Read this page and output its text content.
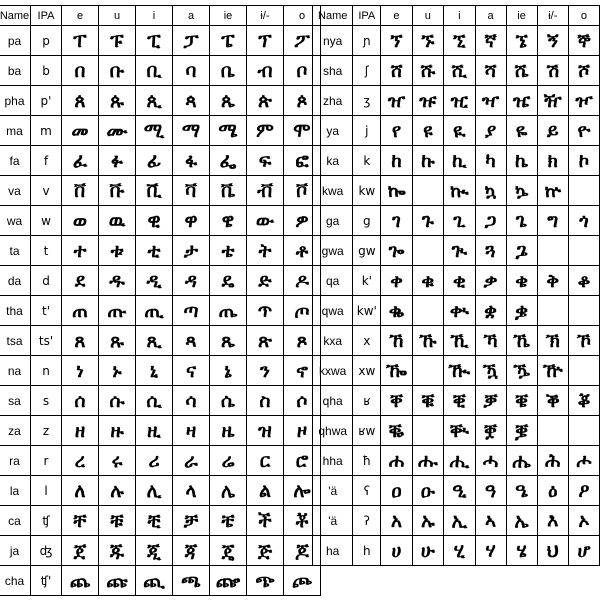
Name	IPA	e	u	i	a	ie	ɨ/-	o
pa	p	ፐ	ፑ	ፒ	ፓ	ፔ	ፕ	ፖ
ba	b	በ	ቡ	ቢ	ባ	ቤ	ብ	ቦ
pha	p'	ጰ	ጱ	ጲ	ጳ	ጴ	ጵ	ጶ
ma	m	መ	ሙ	ሚ	ማ	ሜ	ም	ሞ
fa	f	ፈ	ፉ	ፊ	ፋ	ፌ	ፍ	ፎ
va	v	ቨ	ቩ	ቪ	ቫ	ቬ	ቭ	ቮ
wa	w	ወ	ዉ	ዊ	ዋ	ዌ	ው	ዎ
ta	t	ተ	ቱ	ቲ	ታ	ቴ	ት	ቶ
da	d	ደ	ዱ	ዲ	ዳ	ዴ	ድ	ዶ
tha	t'	ጠ	ጡ	ጢ	ጣ	ጤ	ጥ	ጦ
tsa	ts'	ጸ	ጹ	ጺ	ጻ	ጼ	ጽ	ጾ
na	n	ነ	ኑ	ኒ	ና	ኔ	ን	ኖ
sa	s	ሰ	ሱ	ሲ	ሳ	ሴ	ስ	ሶ
za	z	ዘ	ዙ	ዚ	ዛ	ዜ	ዝ	ዞ
ra	r	ረ	ሩ	ሪ	ራ	ሬ	ር	ሮ
la	l	ለ	ሉ	ሊ	ላ	ሌ	ል	ሎ
ca	ʧ	ቸ	ቹ	ቺ	ቻ	ቼ	ች	ቾ
ja	ʤ	ጀ	ጁ	ጂ	ጃ	ጄ	ጅ	ጆ
cha	ʧ'	ጨ	ጩ	ጪ	ጫ	ጬ	ጭ	ጮ
Name	IPA	e	u	i	a	ie	ɨ/-	o
nya	ɲ	ኘ	ኙ	ኚ	ኛ	ኜ	ኝ	ኞ
sha	ʃ	ሸ	ሹ	ሺ	ሻ	ሼ	ሽ	ሾ
zha	ʒ	ዠ	ዡ	ዢ	ዣ	ዤ	ዥ	ዦ
ya	j	የ	ዩ	ዪ	ያ	ዬ	ይ	ዮ
ka	k	ከ	ኩ	ኪ	ካ	ኬ	ክ	ኮ
kwa	kw	ኰ		ኲ	ኳ	ኴ	ኵ	
ga	g	ገ	ጉ	ጊ	ጋ	ጌ	ግ	ጎ
gwa	gw	ጐ		ጒ	ጓ	ጔ		
qa	k'	ቀ	ቁ	ቂ	ቃ	ቄ	ቅ	ቆ
qwa	kw'	ቈ		ቊ	ቋ	ቌ		
kxa	x	ኸ	ኹ	ኺ	ኻ	ኼ	ኽ	ኾ
kxwa	xw	ዀ		ዂ	ዃ	ዄ	ዅ	
qha	ʁ	ቐ	ቑ	ቒ	ቓ	ቔ	ቕ	ቖ
qhwa	ʁw	ቘ		ቚ	ቛ	ቜ		
hha	ħ	ሐ	ሑ	ሒ	ሓ	ሔ	ሕ	ሖ
'ä	ʕ	ዐ	ዑ	ዒ	ዓ	ዔ	ዕ	ዖ
'ä	ʔ	አ	ኡ	ኢ	ኣ	ኤ	እ	ኦ
ha	h	ሀ	ሁ	ሂ	ሃ	ሄ	ህ	ሆ
